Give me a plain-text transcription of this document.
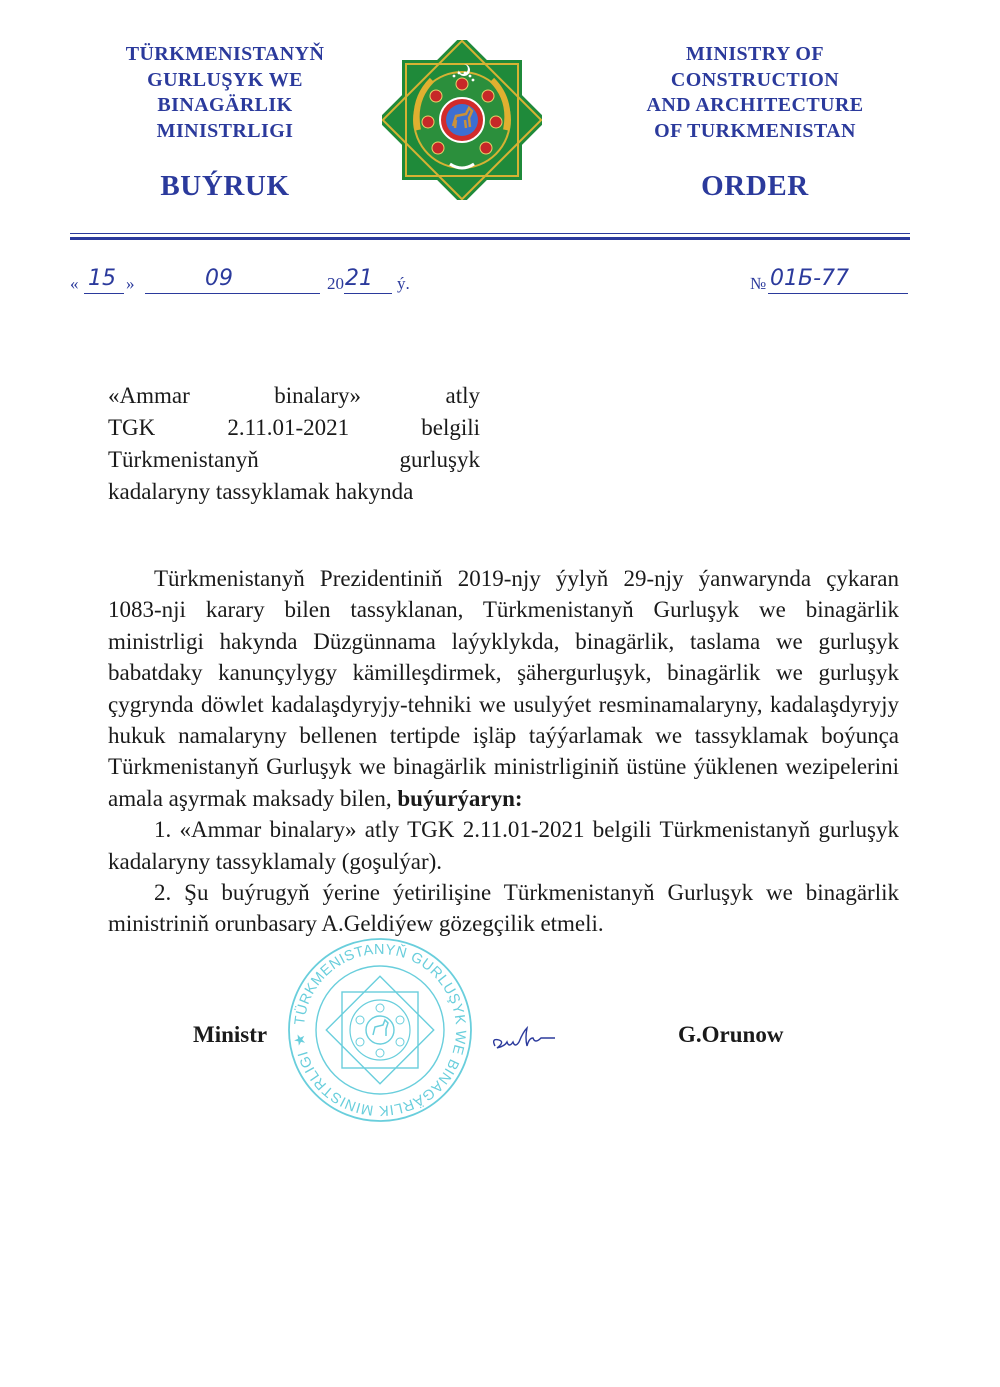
TÜRKMENISTANYŇ
GURLUŞYK WE
BINAGÄRLIK
MINISTRLIGI
BUÝRUK
MINISTRY OF
CONSTRUCTION
AND ARCHITECTURE
OF TURKMENISTAN
ORDER
« 15 »	09	20 21 ý.	№ 01Б-77
«Ammar binalary» atly
TGK 2.11.01-2021 belgili
Türkmenistanyň gurluşyk
kadalaryny tassyklamak hakynda
TÜRKMENISTANYŇ GURLUŞYK WE BINAGÄRLIK MINISTRLIGI ★

Türkmenistanyň Prezidentiniň 2019-njy ýylyň 29-njy ýanwarynda çykaran 1083-nji karary bilen tassyklanan, Türkmenistanyň Gurluşyk we binagärlik ministrligi hakynda Düzgünnama laýyklykda, binagärlik, taslama we gurluşyk babatdaky kanunçylygy kämilleşdirmek, şähergurluşyk, binagärlik we gurluşyk çygrynda döwlet kadalaşdyryjy-tehniki we usulyýet resminamalaryny, kadalaşdyryjy hukuk namalaryny bellenen tertipde işläp taýýarlamak we tassyklamak boýunça Türkmenistanyň Gurluşyk we binagärlik ministrliginiň üstüne ýüklenen wezipelerini amala aşyrmak maksady bilen, buýurýaryn:

1. «Ammar binalary» atly TGK 2.11.01-2021 belgili Türkmenistanyň gurluşyk kadalaryny tassyklamaly (goşulýar).

2. Şu buýrugyň ýerine ýetirilişine Türkmenistanyň Gurluşyk we binagärlik ministriniň orunbasary A.Geldiýew gözegçilik etmeli.

Ministr	G.Orunow
